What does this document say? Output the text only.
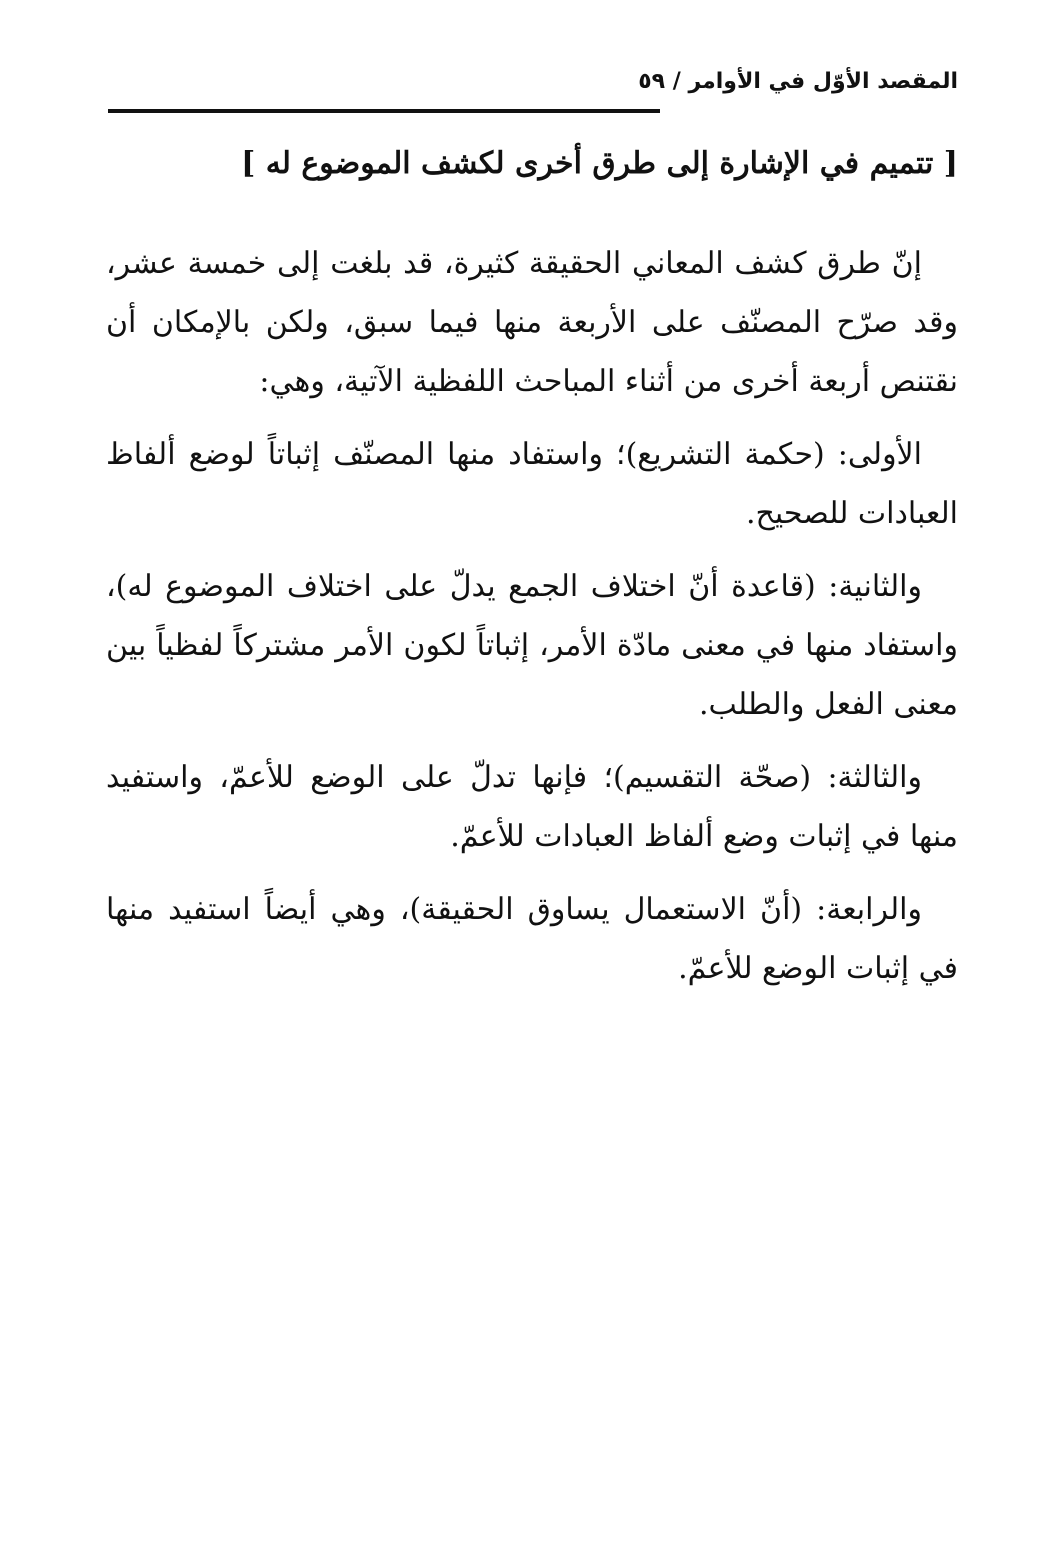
المقصد الأوّل في الأوامر / ٥٩
[ تتميم في الإشارة إلى طرق أخرى لكشف الموضوع له ]

إنّ طرق كشف المعاني الحقيقة كثيرة، قد بلغت إلى خمسة عشر، وقد صرّح المصنّف على الأربعة منها فيما سبق، ولكن بالإمكان أن نقتنص أربعة أخرى من أثناء المباحث اللفظية الآتية، وهي:

الأولى: (حكمة التشريع)؛ واستفاد منها المصنّف إثباتاً لوضع ألفاظ العبادات للصحيح.

والثانية: (قاعدة أنّ اختلاف الجمع يدلّ على اختلاف الموضوع له)، واستفاد منها في معنى مادّة الأمر، إثباتاً لكون الأمر مشتركاً لفظياً بين معنى الفعل والطلب.

والثالثة: (صحّة التقسيم)؛ فإنها تدلّ على الوضع للأعمّ، واستفيد منها في إثبات وضع ألفاظ العبادات للأعمّ.

والرابعة: (أنّ الاستعمال يساوق الحقيقة)، وهي أيضاً استفيد منها في إثبات الوضع للأعمّ.
